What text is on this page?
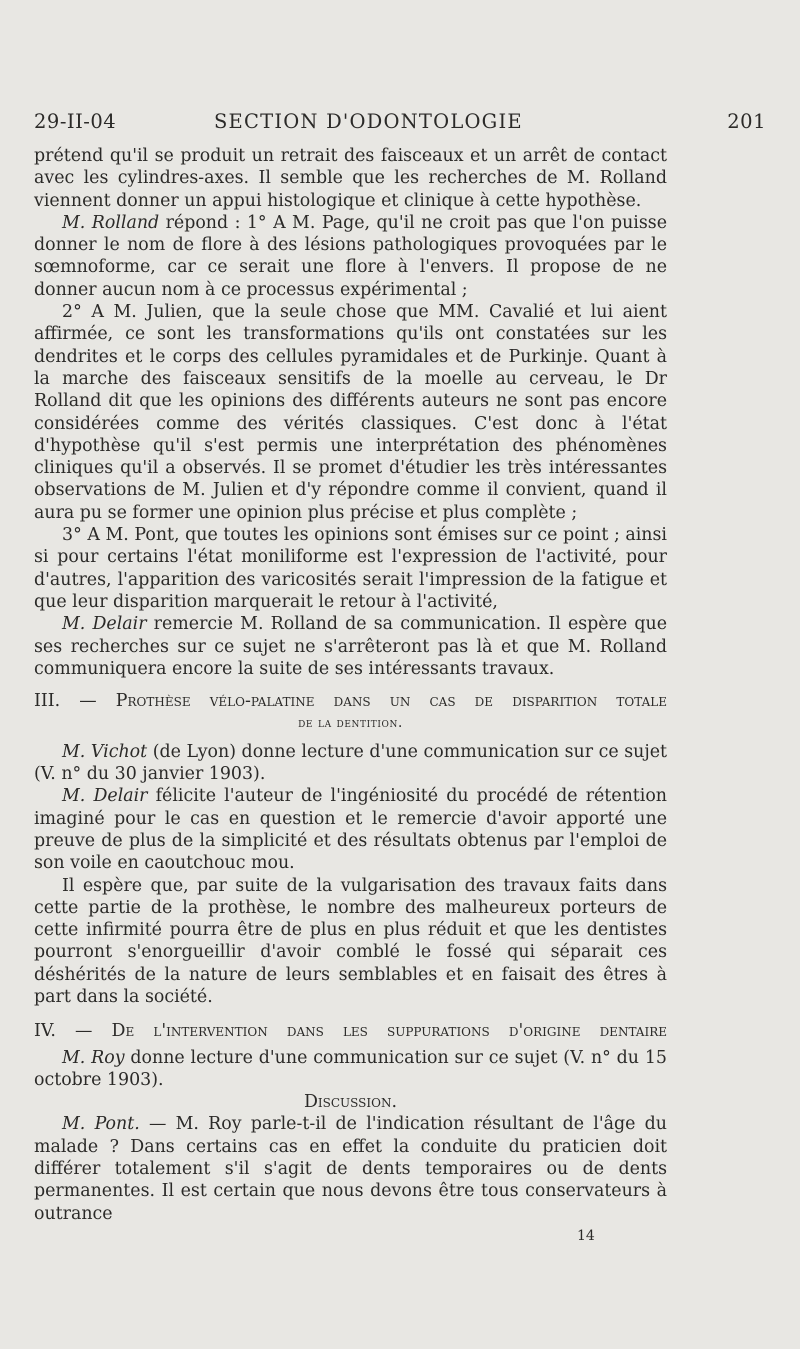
29-II-04	SECTION D'ODONTOLOGIE	201

prétend qu'il se produit un retrait des faisceaux et un arrêt de contact avec les cylindres-axes. Il semble que les recherches de M. Rolland viennent donner un appui histologique et clinique à cette hypothèse.

M. Rolland répond : 1° A M. Page, qu'il ne croit pas que l'on puisse donner le nom de flore à des lésions pathologiques provoquées par le sœmnoforme, car ce serait une flore à l'envers. Il propose de ne donner aucun nom à ce processus expérimental ;

2° A M. Julien, que la seule chose que MM. Cavalié et lui aient affirmée, ce sont les transformations qu'ils ont constatées sur les dendrites et le corps des cellules pyramidales et de Purkinje. Quant à la marche des faisceaux sensitifs de la moelle au cerveau, le Dr Rolland dit que les opinions des différents auteurs ne sont pas encore considérées comme des vérités classiques. C'est donc à l'état d'hypothèse qu'il s'est permis une interprétation des phénomènes cliniques qu'il a observés. Il se promet d'étudier les très intéressantes observations de M. Julien et d'y répondre comme il convient, quand il aura pu se former une opinion plus précise et plus complète ;

3° A M. Pont, que toutes les opinions sont émises sur ce point ; ainsi si pour certains l'état moniliforme est l'expression de l'activité, pour d'autres, l'apparition des varicosités serait l'impression de la fatigue et que leur disparition marquerait le retour à l'activité,

M. Delair remercie M. Rolland de sa communication. Il espère que ses recherches sur ce sujet ne s'arrêteront pas là et que M. Rolland communiquera encore la suite de ses intéressants travaux.

III. — Prothèse vélo-palatine dans un cas de disparition totale
de la dentition.

M. Vichot (de Lyon) donne lecture d'une communication sur ce sujet (V. n° du 30 janvier 1903).

M. Delair félicite l'auteur de l'ingéniosité du procédé de rétention imaginé pour le cas en question et le remercie d'avoir apporté une preuve de plus de la simplicité et des résultats obtenus par l'emploi de son voile en caoutchouc mou.

Il espère que, par suite de la vulgarisation des travaux faits dans cette partie de la prothèse, le nombre des malheureux porteurs de cette infirmité pourra être de plus en plus réduit et que les dentistes pourront s'enorgueillir d'avoir comblé le fossé qui séparait ces déshérités de la nature de leurs semblables et en faisait des êtres à part dans la société.

IV. — De l'intervention dans les suppurations d'origine dentaire

M. Roy donne lecture d'une communication sur ce sujet (V. n° du 15 octobre 1903).

Discussion.

M. Pont. — M. Roy parle-t-il de l'indication résultant de l'âge du malade ? Dans certains cas en effet la conduite du praticien doit différer totalement s'il s'agit de dents temporaires ou de dents permanentes. Il est certain que nous devons être tous conservateurs à outrance

14
